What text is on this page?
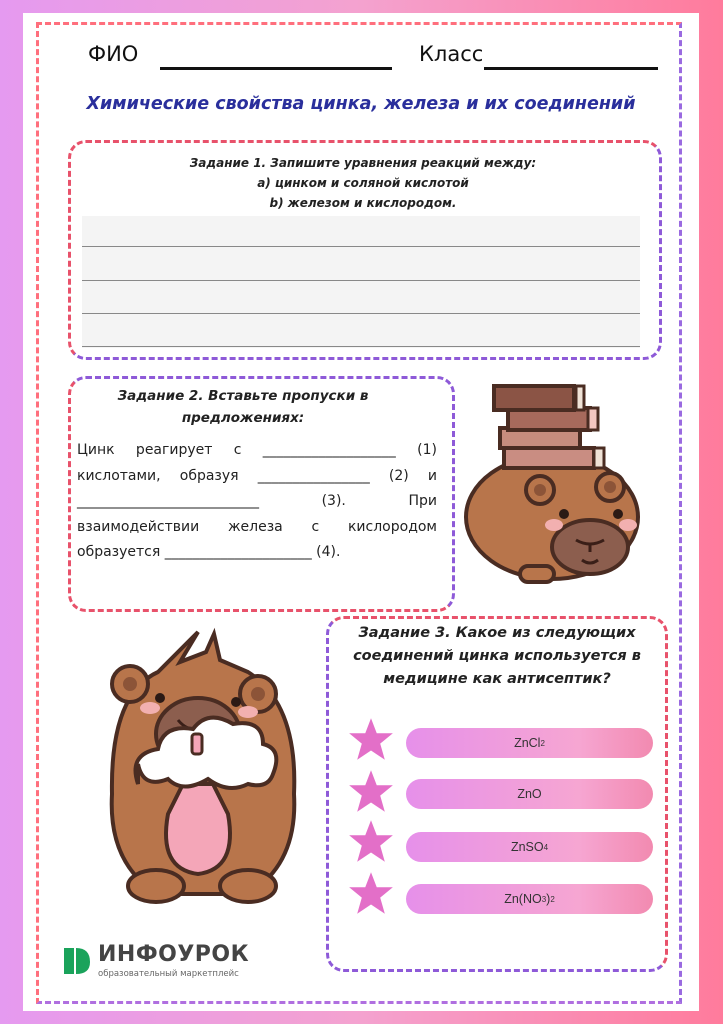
ФИО	Класс
Химические свойства цинка, железа и их соединений
Задание 1. Запишите уравнения реакций между:
а) цинком и соляной кислотой
b) железом и кислородом.
Задание 2. Вставьте пропуски в предложениях:
Цинк реагирует с ___________________ (1) кислотами, образуя ________________ (2) и __________________________ (3). При взаимодействии железа с кислородом образуется _____________________ (4).
Задание 3. Какое из следующих соединений цинка используется в медицине как антисептик?
ZnCl 2
ZnO
ZnSO 4
Zn(NO 3 ) 2
ИНФОУРОК
образовательный маркетплейс
